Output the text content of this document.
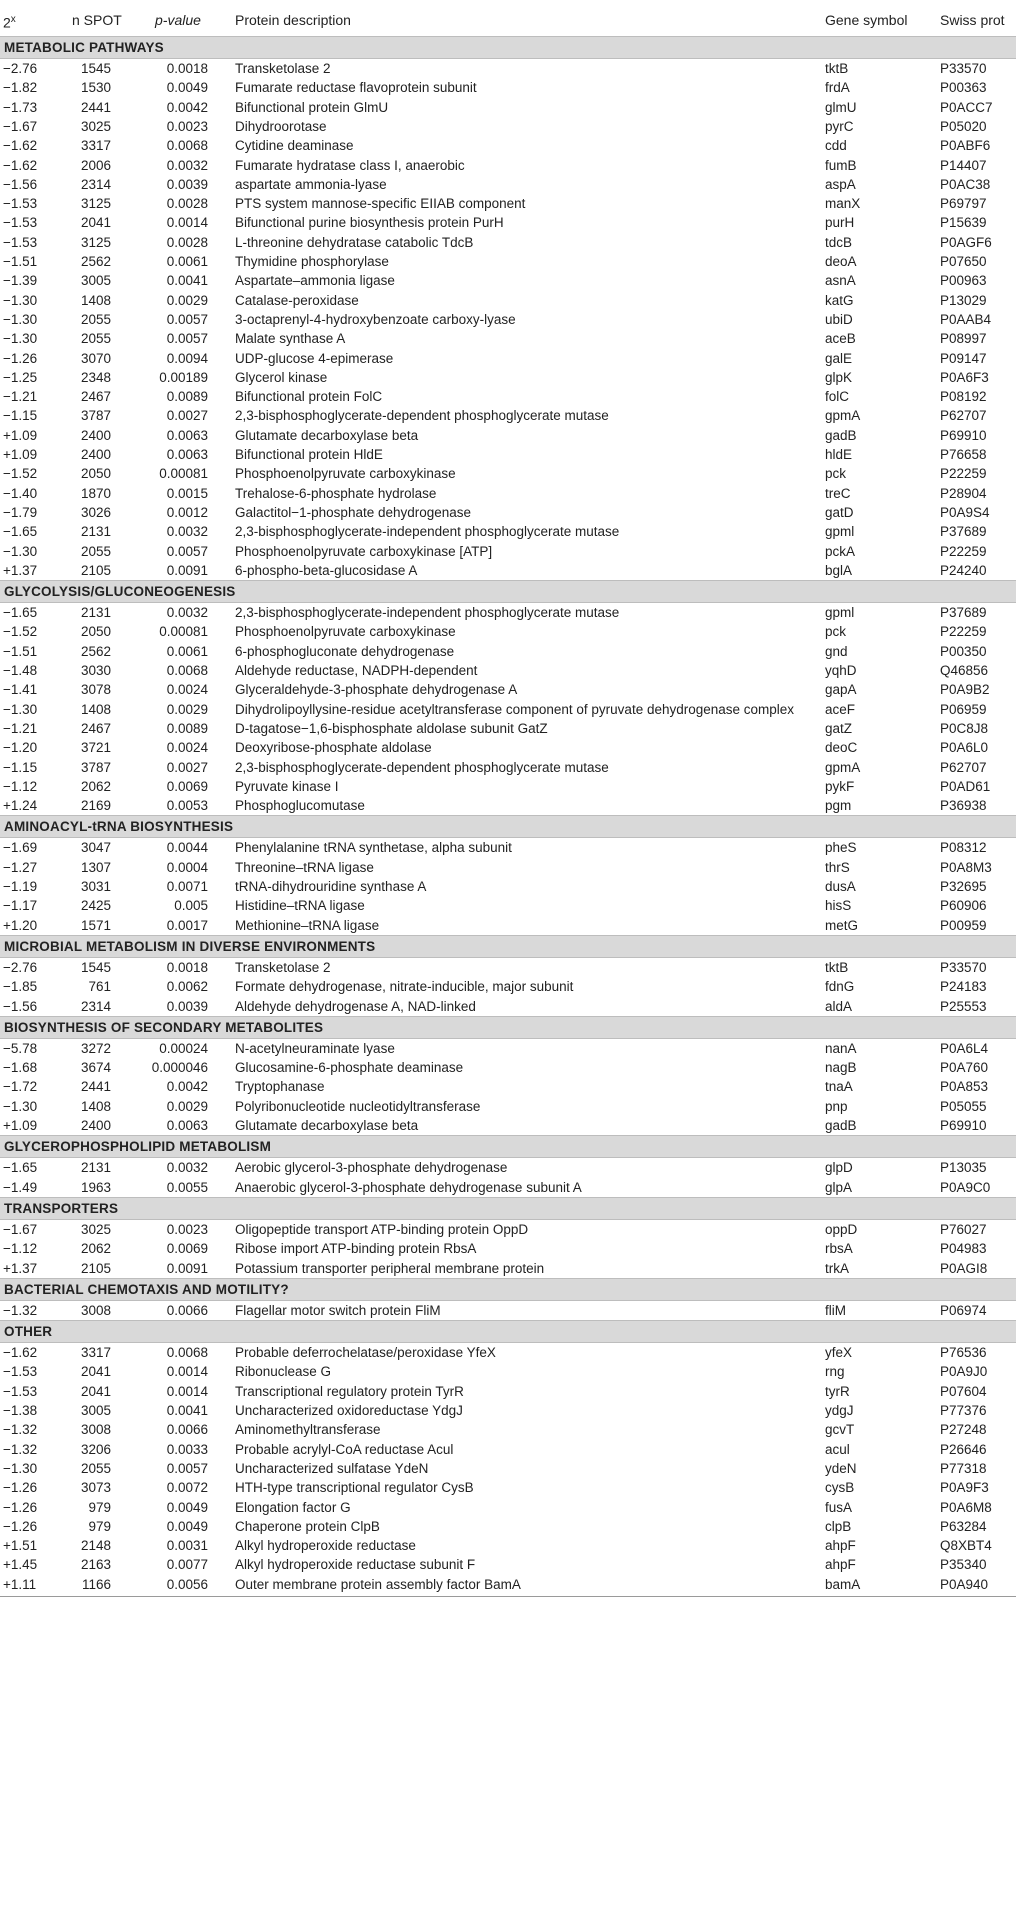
2$^x$	n SPOT p-value Protein description	Gene symbol	Swiss prot
METABOLIC PATHWAYS
−2.76	1545	0.0018 Transketolase 2	tktB	P33570
−1.82	1530	0.0049 Fumarate reductase flavoprotein subunit	frdA	P00363
−1.73	2441	0.0042 Bifunctional protein GlmU	glmU	P0ACC7
−1.67	3025	0.0023 Dihydroorotase	pyrC	P05020
−1.62	3317	0.0068 Cytidine deaminase	cdd	P0ABF6
−1.62	2006	0.0032 Fumarate hydratase class I, anaerobic	fumB	P14407
−1.56	2314	0.0039 aspartate ammonia-lyase	aspA	P0AC38
−1.53	3125	0.0028 PTS system mannose-specific EIIAB component	manX	P69797
−1.53	2041	0.0014 Bifunctional purine biosynthesis protein PurH	purH	P15639
−1.53	3125	0.0028 L-threonine dehydratase catabolic TdcB	tdcB	P0AGF6
−1.51	2562	0.0061 Thymidine phosphorylase	deoA	P07650
−1.39	3005	0.0041 Aspartate–ammonia ligase	asnA	P00963
−1.30	1408	0.0029 Catalase-peroxidase	katG	P13029
−1.30	2055	0.0057 3-octaprenyl-4-hydroxybenzoate carboxy-lyase	ubiD	P0AAB4
−1.30	2055	0.0057 Malate synthase A	aceB	P08997
−1.26	3070	0.0094 UDP-glucose 4-epimerase	galE	P09147
−1.25	2348	0.00189 Glycerol kinase	glpK	P0A6F3
−1.21	2467	0.0089 Bifunctional protein FolC	folC	P08192
−1.15	3787	0.0027 2,3-bisphosphoglycerate-dependent phosphoglycerate mutase	gpmA	P62707
+1.09	2400	0.0063 Glutamate decarboxylase beta	gadB	P69910
+1.09	2400	0.0063 Bifunctional protein HldE	hldE	P76658
−1.52	2050	0.00081 Phosphoenolpyruvate carboxykinase	pck	P22259
−1.40	1870	0.0015 Trehalose-6-phosphate hydrolase	treC	P28904
−1.79	3026	0.0012 Galactitol−1-phosphate dehydrogenase	gatD	P0A9S4
−1.65	2131	0.0032 2,3-bisphosphoglycerate-independent phosphoglycerate mutase	gpml	P37689
−1.30	2055	0.0057 Phosphoenolpyruvate carboxykinase [ATP]	pckA	P22259
+1.37	2105	0.0091 6-phospho-beta-glucosidase A	bglA	P24240
GLYCOLYSIS/GLUCONEOGENESIS
−1.65	2131	0.0032 2,3-bisphosphoglycerate-independent phosphoglycerate mutase	gpml	P37689
−1.52	2050	0.00081 Phosphoenolpyruvate carboxykinase	pck	P22259
−1.51	2562	0.0061 6-phosphogluconate dehydrogenase	gnd	P00350
−1.48	3030	0.0068 Aldehyde reductase, NADPH-dependent	yqhD	Q46856
−1.41	3078	0.0024 Glyceraldehyde-3-phosphate dehydrogenase A	gapA	P0A9B2
−1.30	1408	0.0029 Dihydrolipoyllysine-residue acetyltransferase component of pyruvate dehydrogenase complex	aceF	P06959
−1.21	2467	0.0089 D-tagatose−1,6-bisphosphate aldolase subunit GatZ	gatZ	P0C8J8
−1.20	3721	0.0024 Deoxyribose-phosphate aldolase	deoC	P0A6L0
−1.15	3787	0.0027 2,3-bisphosphoglycerate-dependent phosphoglycerate mutase	gpmA	P62707
−1.12	2062	0.0069 Pyruvate kinase I	pykF	P0AD61
+1.24	2169	0.0053 Phosphoglucomutase	pgm	P36938
AMINOACYL-tRNA BIOSYNTHESIS
−1.69	3047	0.0044 Phenylalanine tRNA synthetase, alpha subunit	pheS	P08312
−1.27	1307	0.0004 Threonine–tRNA ligase	thrS	P0A8M3
−1.19	3031	0.0071 tRNA-dihydrouridine synthase A	dusA	P32695
−1.17	2425	0.005 Histidine–tRNA ligase	hisS	P60906
+1.20	1571	0.0017 Methionine–tRNA ligase	metG	P00959
MICROBIAL METABOLISM IN DIVERSE ENVIRONMENTS
−2.76	1545	0.0018 Transketolase 2	tktB	P33570
−1.85	761	0.0062 Formate dehydrogenase, nitrate-inducible, major subunit	fdnG	P24183
−1.56	2314	0.0039 Aldehyde dehydrogenase A, NAD-linked	aldA	P25553
BIOSYNTHESIS OF SECONDARY METABOLITES
−5.78	3272	0.00024 N-acetylneuraminate lyase	nanA	P0A6L4
−1.68	3674	0.000046 Glucosamine-6-phosphate deaminase	nagB	P0A760
−1.72	2441	0.0042 Tryptophanase	tnaA	P0A853
−1.30	1408	0.0029 Polyribonucleotide nucleotidyltransferase	pnp	P05055
+1.09	2400	0.0063 Glutamate decarboxylase beta	gadB	P69910
GLYCEROPHOSPHOLIPID METABOLISM
−1.65	2131	0.0032 Aerobic glycerol-3-phosphate dehydrogenase	glpD	P13035
−1.49	1963	0.0055 Anaerobic glycerol-3-phosphate dehydrogenase subunit A	glpA	P0A9C0
TRANSPORTERS
−1.67	3025	0.0023 Oligopeptide transport ATP-binding protein OppD	oppD	P76027
−1.12	2062	0.0069 Ribose import ATP-binding protein RbsA	rbsA	P04983
+1.37	2105	0.0091 Potassium transporter peripheral membrane protein	trkA	P0AGI8
BACTERIAL CHEMOTAXIS AND MOTILITY?
−1.32	3008	0.0066 Flagellar motor switch protein FliM	fliM	P06974
OTHER
−1.62	3317	0.0068 Probable deferrochelatase/peroxidase YfeX	yfeX	P76536
−1.53	2041	0.0014 Ribonuclease G	rng	P0A9J0
−1.53	2041	0.0014 Transcriptional regulatory protein TyrR	tyrR	P07604
−1.38	3005	0.0041 Uncharacterized oxidoreductase YdgJ	ydgJ	P77376
−1.32	3008	0.0066 Aminomethyltransferase	gcvT	P27248
−1.32	3206	0.0033 Probable acrylyl-CoA reductase Acul	acul	P26646
−1.30	2055	0.0057 Uncharacterized sulfatase YdeN	ydeN	P77318
−1.26	3073	0.0072 HTH-type transcriptional regulator CysB	cysB	P0A9F3
−1.26	979	0.0049 Elongation factor G	fusA	P0A6M8
−1.26	979	0.0049 Chaperone protein ClpB	clpB	P63284
+1.51	2148	0.0031 Alkyl hydroperoxide reductase	ahpF	Q8XBT4
+1.45	2163	0.0077 Alkyl hydroperoxide reductase subunit F	ahpF	P35340
+1.11	1166	0.0056 Outer membrane protein assembly factor BamA	bamA	P0A940
